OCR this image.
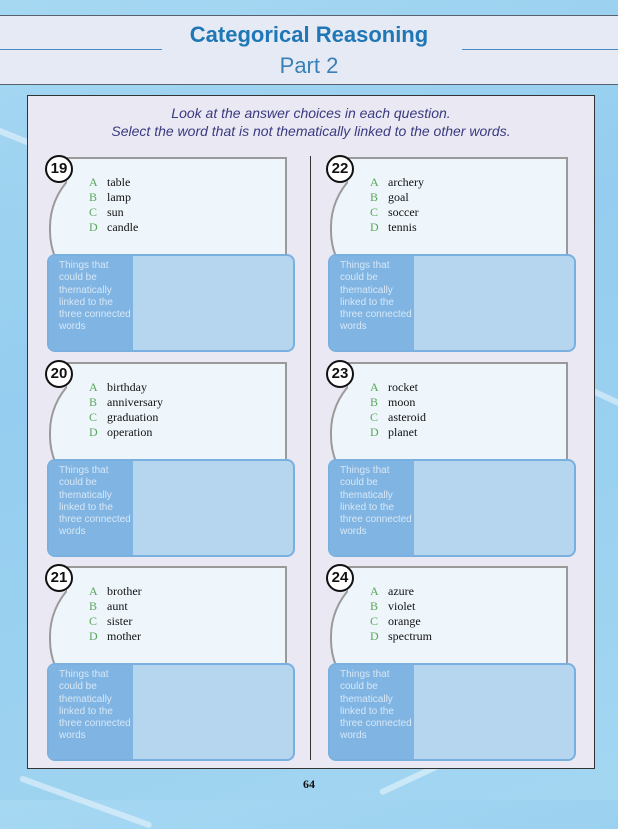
Categorical Reasoning
Part 2
Look at the answer choices in each question.
Select the word that is not thematically linked to the other words.
19
A table
B lamp
C sun
D candle
Things that could be thematically linked to the three connected words
20
A birthday
B anniversary
C graduation
D operation
Things that could be thematically linked to the three connected words
21
A brother
B aunt
C sister
D mother
Things that could be thematically linked to the three connected words
22
A archery
B goal
C soccer
D tennis
Things that could be thematically linked to the three connected words
23
A rocket
B moon
C asteroid
D planet
Things that could be thematically linked to the three connected words
24
A azure
B violet
C orange
D spectrum
Things that could be thematically linked to the three connected words
64
